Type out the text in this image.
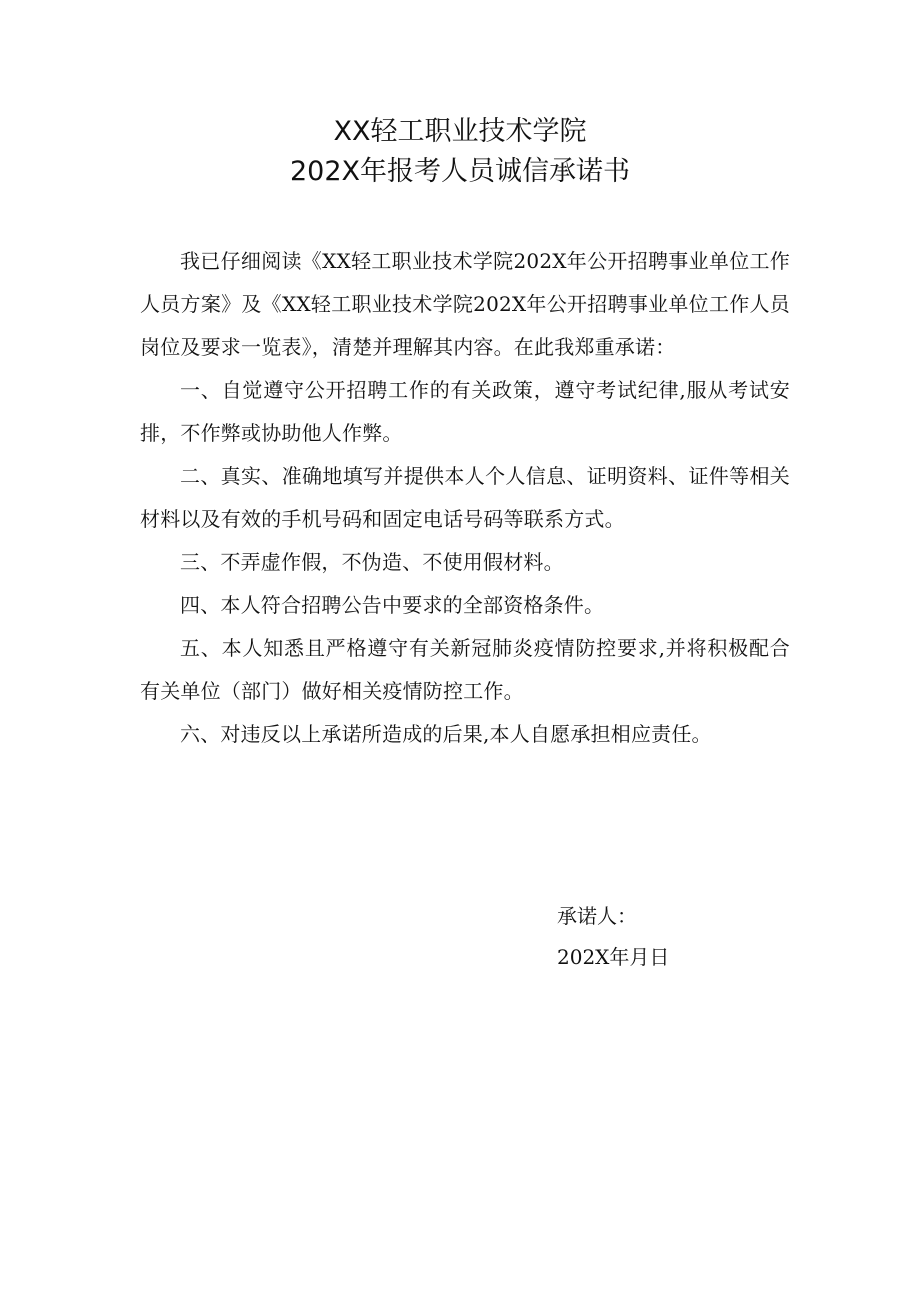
XX轻工职业技术学院
202X年报考人员诚信承诺书

我已仔细阅读《XX轻工职业技术学院202X年公开招聘事业单位工作人员方案》及《XX轻工职业技术学院202X年公开招聘事业单位工作人员岗位及要求一览表》，清楚并理解其内容。在此我郑重承诺：

一、自觉遵守公开招聘工作的有关政策，遵守考试纪律,服从考试安排，不作弊或协助他人作弊。

二、真实、准确地填写并提供本人个人信息、证明资料、证件等相关材料以及有效的手机号码和固定电话号码等联系方式。

三、不弄虚作假，不伪造、不使用假材料。

四、本人符合招聘公告中要求的全部资格条件。

五、本人知悉且严格遵守有关新冠肺炎疫情防控要求,并将积极配合有关单位（部门）做好相关疫情防控工作。

六、对违反以上承诺所造成的后果,本人自愿承担相应责任。

承诺人：
202X年月日
